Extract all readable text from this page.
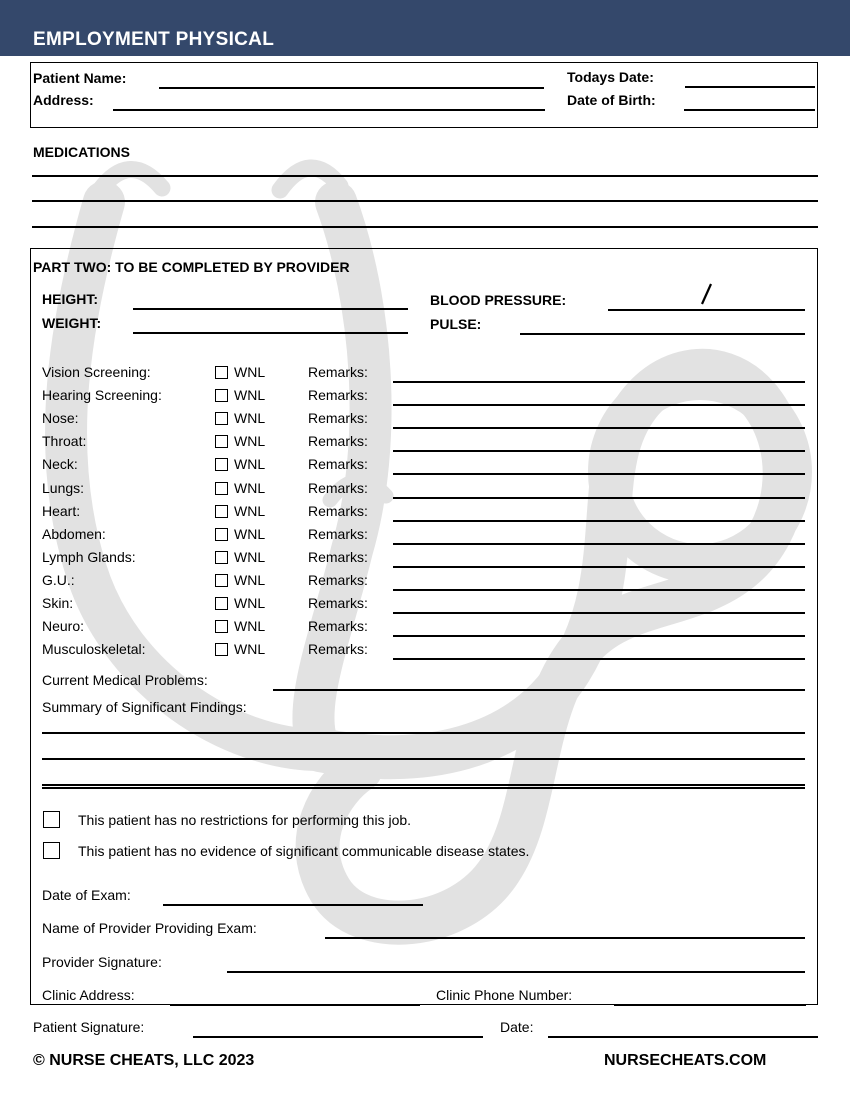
EMPLOYMENT PHYSICAL
Patient Name:
Address:
Todays Date:
Date of Birth:
MEDICATIONS
PART TWO: TO BE COMPLETED BY PROVIDER
HEIGHT:	BLOOD PRESSURE:
WEIGHT:	PULSE:
Vision Screening:	WNL	Remarks:
Hearing Screening:	WNL	Remarks:
Nose:	WNL	Remarks:
Throat:	WNL	Remarks:
Neck:	WNL	Remarks:
Lungs:	WNL	Remarks:
Heart:	WNL	Remarks:
Abdomen:	WNL	Remarks:
Lymph Glands:	WNL	Remarks:
G.U.:	WNL	Remarks:
Skin:	WNL	Remarks:
Neuro:	WNL	Remarks:
Musculoskeletal:	WNL	Remarks:
Current Medical Problems:
Summary of Significant Findings:
This patient has no restrictions for performing this job.
This patient has no evidence of significant communicable disease states.
Date of Exam:
Name of Provider Providing Exam:
Provider Signature:
Clinic Address:	Clinic Phone Number:
Patient Signature:	Date:
© NURSE CHEATS, LLC 2023	NURSECHEATS.COM
